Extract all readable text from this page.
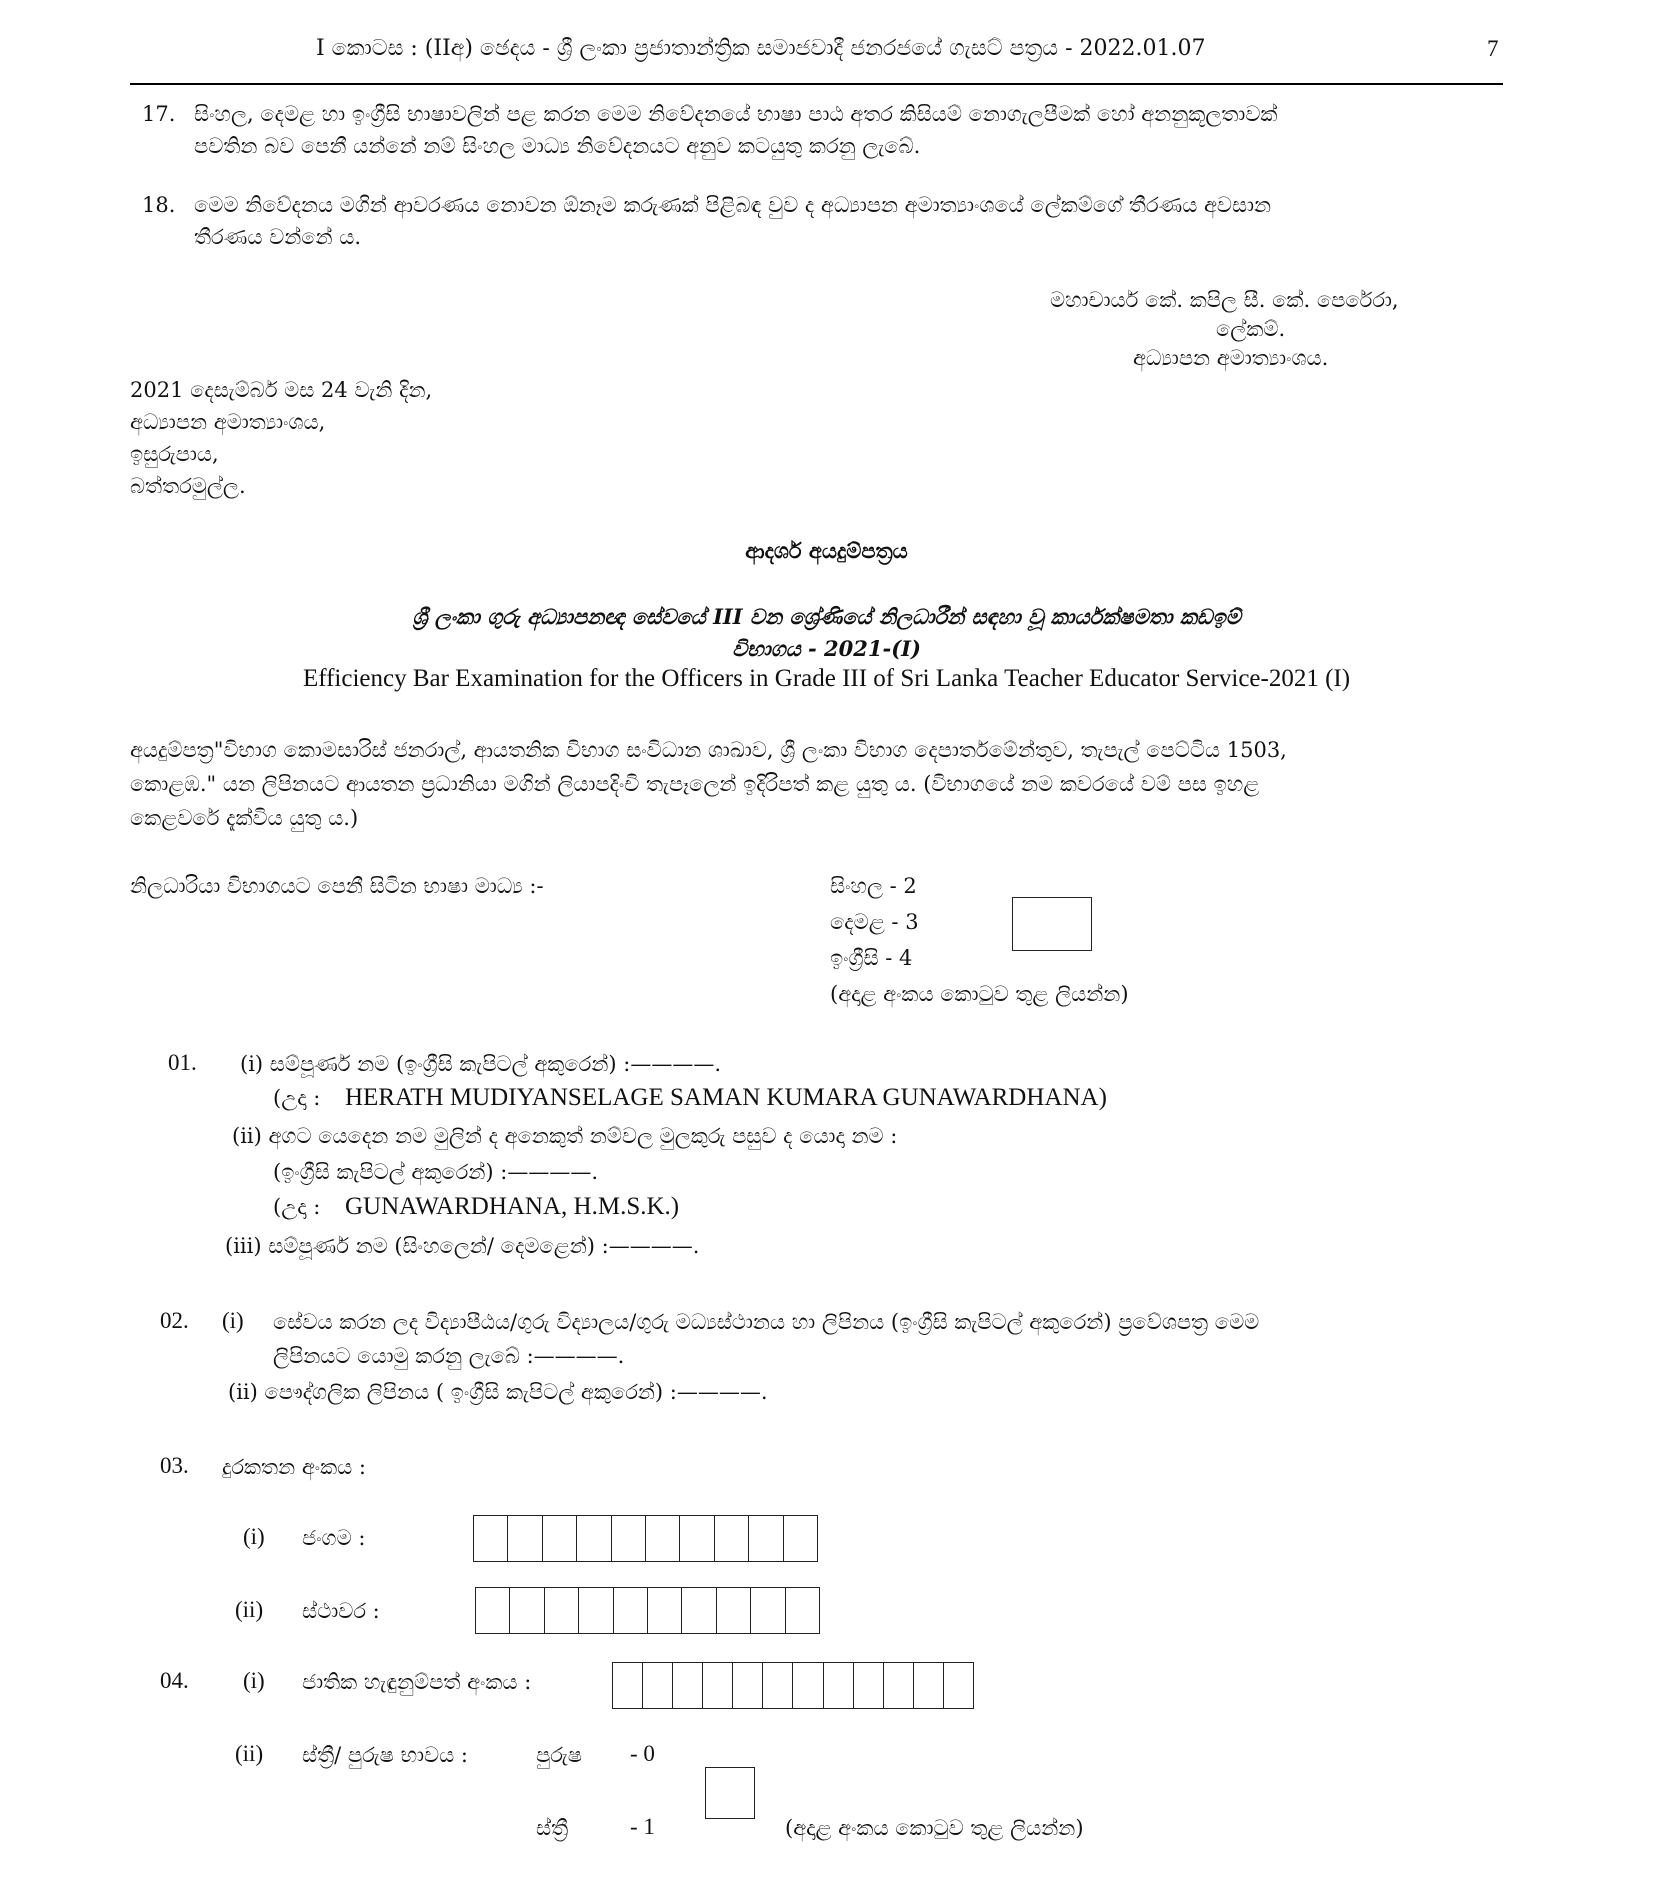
I කොටස : (IIඅ) ඡෙදය - ශ්‍රී ලංකා ප්‍රජාතාන්ත්‍රික සමාජවාදී ජනරජයේ ගැසට් පත්‍රය - 2022.01.07	7
17. සිංහල, දෙමළ හා ඉංග්‍රීසි භාෂාවලින් පළ කරන මෙම නිවේදනයේ භාෂා පාඨ අතර කිසියම් නොගැලපීමක් හෝ අනනුකූලතාවක්
පවතින බව පෙනී යන්නේ නම් සිංහල මාධ්‍ය නිවේදනයට අනුව කටයුතු කරනු ලැබේ.
18. මෙම නිවේදනය මගින් ආවරණය නොවන ඕනෑම කරුණක් පිළිබඳ වුව ද අධ්‍යාපන අමාත්‍යාංශයේ ලේකම්ගේ තීරණය අවසාන
තීරණය වන්නේ ය.
මහාචාර්ය කේ. කපිල සී. කේ. පෙරේරා,
ලේකම්.
අධ්‍යාපන අමාත්‍යාංශය.
2021 දෙසැම්බර් මස 24 වැනි දින,
අධ්‍යාපන අමාත්‍යාංශය,
ඉසුරුපාය,
බත්තරමුල්ල.
ආදර්ශ අයදුම්පත්‍රය
ශ්‍රී ලංකා ගුරු අධ්‍යාපනඥ සේවයේ III වන ශ්‍රේණියේ නිලධාරීන් සඳහා වූ කාර්යක්ෂමතා කඩඉම්
විභාගය - 2021-(I)
Efficiency Bar Examination for the Officers in Grade III of Sri Lanka Teacher Educator Service-2021 (I)
අයදුම්පත්‍ර"විභාග කොමසාරිස් ජනරාල්, ආයතනික විභාග සංවිධාන ශාඛාව, ශ්‍රී ලංකා විභාග දෙපාර්තමේන්තුව, තැපැල් පෙට්ටිය 1503,
කොළඹ." යන ලිපිනයට ආයතන ප්‍රධානියා මගින් ලියාපදිංචි තැපෑලෙන් ඉදිරිපත් කළ යුතු ය. (විභාගයේ නම කවරයේ වම් පස ඉහළ
කෙළවරේ දැක්විය යුතු ය.)
නිලධාරියා විභාගයට පෙනී සිටින භාෂා මාධ්‍ය :-	සිංහල - 2
දෙමළ - 3
ඉංග්‍රීසි - 4
(අදාළ අංකය කොටුව තුළ ලියන්න)
01. (i) සම්පූර්ණ නම (ඉංග්‍රීසි කැපිටල් අකුරෙන්) :————.
(උදා : HERATH MUDIYANSELAGE SAMAN KUMARA GUNAWARDHANA)
(ii) අගට යෙදෙන නම මුලින් ද අනෙකුත් නම්වල මුලකුරු පසුව ද යොදා නම :
(ඉංග්‍රීසි කැපිටල් අකුරෙන්) :————.
(උදා : GUNAWARDHANA, H.M.S.K.)
(iii) සම්පූර්ණ නම (සිංහලෙන්/ දෙමළෙන්) :————.
02. (i) සේවය කරන ලද විද්‍යාපීඨය/ගුරු විද්‍යාලය/ගුරු මධ්‍යස්ථානය හා ලිපිනය (ඉංග්‍රීසි කැපිටල් අකුරෙන්) ප්‍රවේශපත්‍ර මෙම
ලිපිනයට යොමු කරනු ලැබේ :————.
(ii) පෞද්ගලික ලිපිනය ( ඉංග්‍රීසි කැපිටල් අකුරෙන්) :————.
03. දුරකතන අංකය :
(i) ජංගම :
(ii) ස්ථාවර :
04. (i) ජාතික හැඳුනුම්පත් අංකය :
(ii) ස්ත්‍රී/ පුරුෂ භාවය :	පුරුෂ - 0
ස්ත්‍රී	- 1	(අදාළ අංකය කොටුව තුළ ලියන්න)
